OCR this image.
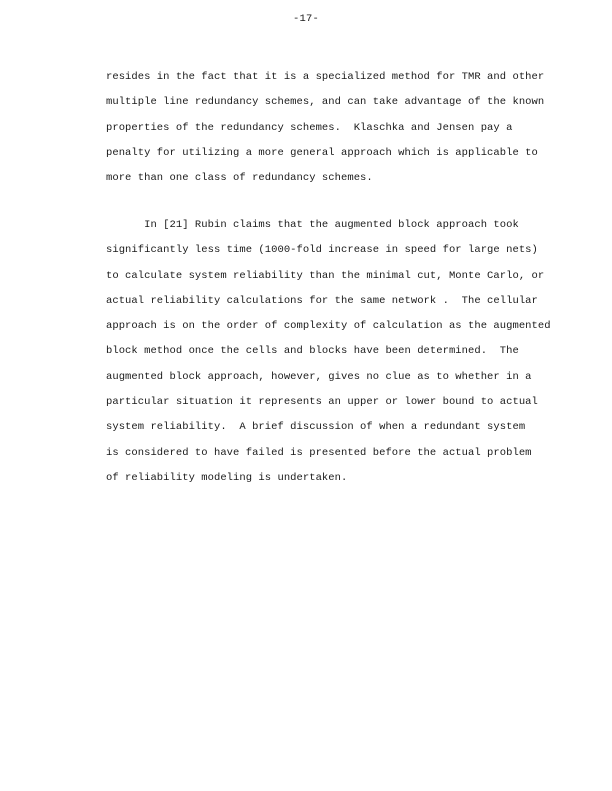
-17-
resides in the fact that it is a specialized method for TMR and other
multiple line redundancy schemes, and can take advantage of the known
properties of the redundancy schemes.  Klaschka and Jensen pay a
penalty for utilizing a more general approach which is applicable to
more than one class of redundancy schemes.
In [21] Rubin claims that the augmented block approach took
significantly less time (1000-fold increase in speed for large nets)
to calculate system reliability than the minimal cut, Monte Carlo, or
actual reliability calculations for the same network .  The cellular
approach is on the order of complexity of calculation as the augmented
block method once the cells and blocks have been determined.  The
augmented block approach, however, gives no clue as to whether in a
particular situation it represents an upper or lower bound to actual
system reliability.  A brief discussion of when a redundant system
is considered to have failed is presented before the actual problem
of reliability modeling is undertaken.
